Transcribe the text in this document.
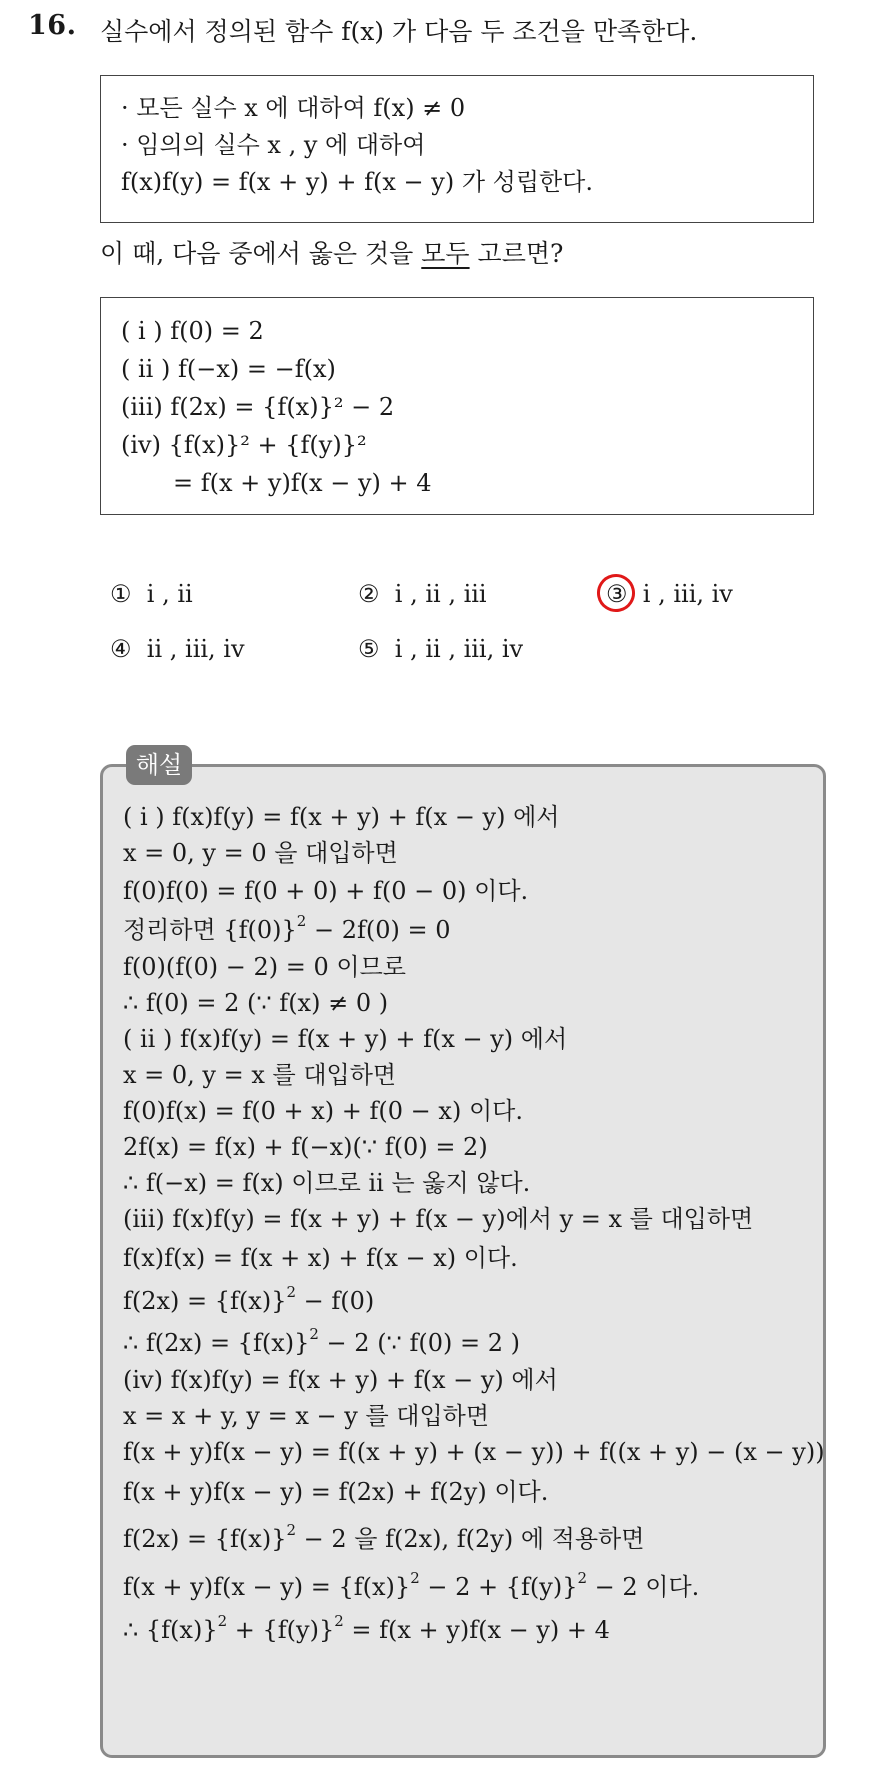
16. 실수에서 정의된 함수 f(x) 가 다음 두 조건을 만족한다.
· 모든 실수 x 에 대하여 f(x) ≠ 0
· 임의의 실수 x , y 에 대하여
f(x)f(y) = f(x + y) + f(x − y) 가 성립한다.
이 때, 다음 중에서 옳은 것을 모두 고르면?
( i ) f(0) = 2
( ii ) f(−x) = −f(x)
(iii) f(2x) = {f(x)}² − 2
(iv) {f(x)}² + {f(y)}²
= f(x + y)f(x − y) + 4
① i , ii	② i , ii , iii	③ i , iii, iv
④ ii , iii, iv	⑤ i , ii , iii, iv
해설
( i ) f(x)f(y) = f(x + y) + f(x − y) 에서
x = 0, y = 0 을 대입하면
f(0)f(0) = f(0 + 0) + f(0 − 0) 이다.
정리하면 $\{f(0)\}^2 - 2f(0) = 0$
f(0)(f(0) − 2) = 0 이므로
∴ f(0) = 2 (∵ f(x) ≠ 0 )
( ii ) f(x)f(y) = f(x + y) + f(x − y) 에서
x = 0, y = x 를 대입하면
f(0)f(x) = f(0 + x) + f(0 − x) 이다.
2f(x) = f(x) + f(−x)(∵ f(0) = 2)
∴ f(−x) = f(x) 이므로 ii 는 옳지 않다.
(iii) f(x)f(y) = f(x + y) + f(x − y)에서 y = x 를 대입하면
f(x)f(x) = f(x + x) + f(x − x) 이다.
$f(2x) = \{f(x)\}^2 - f(0)$
∴ $f(2x) = \{f(x)\}^2 - 2$ (∵ f(0) = 2 )
(iv) f(x)f(y) = f(x + y) + f(x − y) 에서
x = x + y, y = x − y 를 대입하면
f(x + y)f(x − y) = f((x + y) + (x − y)) + f((x + y) − (x − y))
f(x + y)f(x − y) = f(2x) + f(2y) 이다.
$f(2x) = \{f(x)\}^2 - 2$ 을 f(2x), f(2y) 에 적용하면
$f(x + y)f(x - y) = \{f(x)\}^2 - 2 + \{f(y)\}^2 - 2$ 이다.
∴ $\{f(x)\}^2 + \{f(y)\}^2 = f(x + y)f(x - y) + 4$
